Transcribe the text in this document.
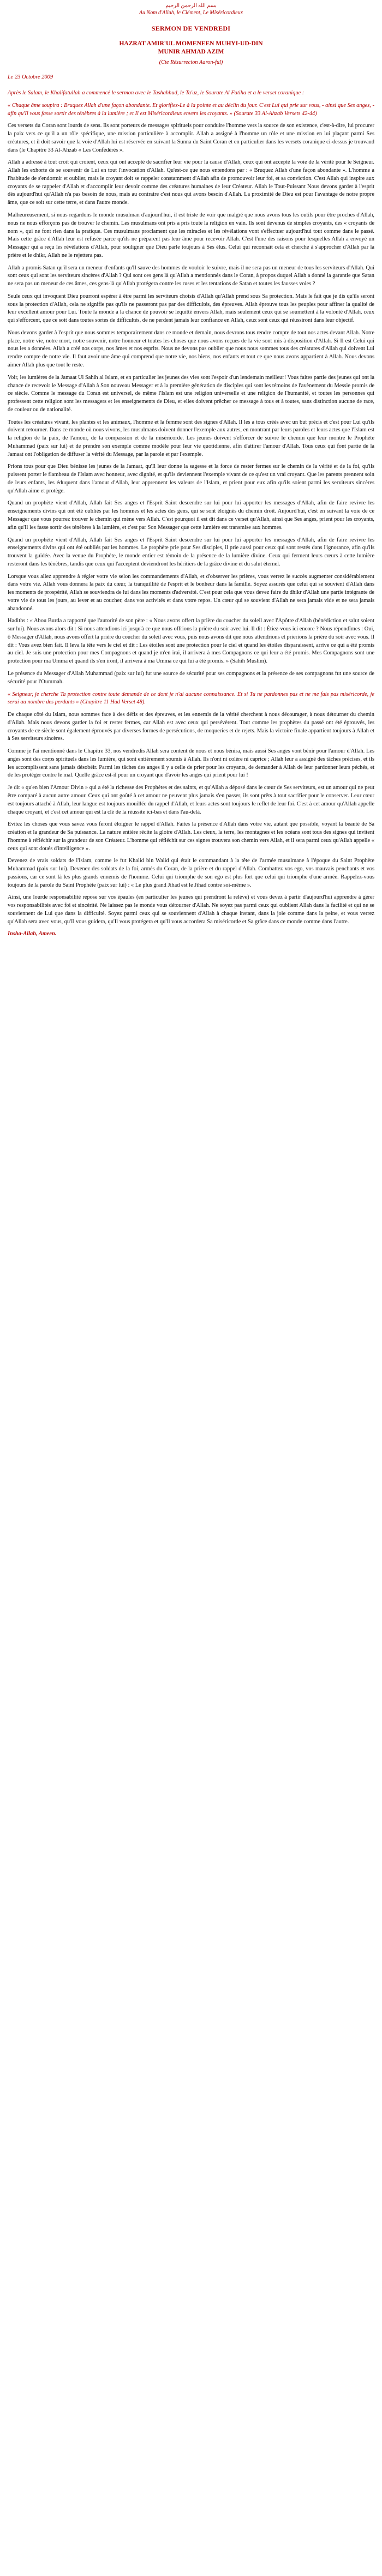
بسم الله الرحمن الرحيم

Au Nom d'Allah, le Clément, Le Miséricordieux

SERMON DE VENDREDI
HAZRAT AMIR'UL MOMENEEN MUHYI-UD-DIN
MUNIR AHMAD AZIM
(Cte Résurrecion Aaron-ful)
Le 23 Octobre 2009

Après le Salam, le Khalifatullah a commencé le sermon avec le Tashahhud, le Ta'uz, le Sourate Al Fatiha et a le verset coranique :

« Chaque âme soupira : Bruquez Allah d'une façon abondante. Et glorifiez-Le à la pointe et au déclin du jour. C'est Lui qui prie sur vous, ‑ ainsi que Ses anges, ‑ afin qu'Il vous fasse sortir des ténèbres à la lumière ; et Il est Miséricordieux envers les croyants. » (Sourate 33 Al‑Ahzab Versets 42‑44)

Ces versets du Coran sont lourds de sens. Ils sont porteurs de messages spirituels pour conduire l'homme vers la source de son existence, c'est‑à‑dire, lui procurer la paix vers ce qu'il a un rôle spécifique, une mission particulière à accomplir. Allah a assigné à l'homme un rôle et une mission en lui plaçant parmi Ses créatures, et il doit savoir que la voie d'Allah lui est réservée en suivant la Sunna du Saint Coran et en particulier dans les versets coranique ci‑dessus je trouvaud dans (le Chapitre 33 Al‑Ahzab « Les Confédérés ».

Allah a adressé à tout croit qui croient, ceux qui ont accepté de sacrifier leur vie pour la cause d'Allah, ceux qui ont accepté la voie de la vérité pour le Seigneur. Allah les exhorte de se souvenir de Lui en tout l'invocation d'Allah. Qu'est‑ce que nous entendons par : « Bruquez Allah d'une façon abondante ». L'homme a l'habitude de s'endormir et oublier, mais le croyant doit se rappeler constamment d'Allah afin de promouvoir leur foi, et sa conviction. C'est Allah qui inspire aux croyants de se rappeler d'Allah et d'accomplir leur devoir comme des créatures humaines de leur Créateur. Allah le Tout‑Puissant Nous devons garder à l'esprit dès aujourd'hui qu'Allah n'a pas besoin de nous, mais au contraire c'est nous qui avons besoin d'Allah. La proximité de Dieu est pour l'avantage de notre propre âme, que ce soit sur cette terre, et dans l'autre monde.

Malheureusement, si nous regardons le monde musulman d'aujourd'hui, il est triste de voir que malgré que nous avons tous les outils pour être proches d'Allah, nous ne nous efforçons pas de trouver le chemin. Les musulmans ont pris a pris toute la religion en vain. Ils sont devenus de simples croyants, des « croyants de nom », qui ne font rien dans la pratique. Ces musulmans proclament que les miracles et les révélations vont s'effectuer aujourd'hui tout comme dans le passé. Mais cette grâce d'Allah leur est refusée parce qu'ils ne préparent pas leur âme pour recevoir Allah. C'est l'une des raisons pour lesquelles Allah a envoyé un Messager qui a reçu les révélations d'Allah, pour souligner que Dieu parle toujours à Ses élus. Celui qui reconnaît cela et cherche à s'approcher d'Allah par la prière et le dhikr, Allah ne le rejettera pas.

Allah a promis Satan qu'il sera un meneur d'enfants qu'Il sauve des hommes de vouloir le suivre, mais il ne sera pas un meneur de tous les serviteurs d'Allah. Qui sont ceux qui sont les serviteurs sincères d'Allah ? Qui sont ces gens là qu'Allah a mentionnés dans le Coran, à propos duquel Allah a donné la garantie que Satan ne sera pas un meneur de ces âmes, ces gens-là qu'Allah protégera contre les ruses et les tentations de Satan et toutes les fausses voies ?

Seule ceux qui invoquent Dieu pourront espérer à être parmi les serviteurs choisis d'Allah qu'Allah prend sous Sa protection. Mais le fait que je dis qu'ils seront sous la protection d'Allah, cela ne signifie pas qu'ils ne passeront pas par des difficultés, des épreuves. Allah éprouve tous les peuples pour affiner la qualité de leur excellent amour pour Lui. Toute la monde a la chance de pouvoir se lequitté envers Allah, mais seulement ceux qui se soumettent à la volonté d'Allah, ceux qui s'efforcent, que ce soit dans toutes sortes de difficultés, de ne perdent jamais leur confiance en Allah, ceux sont ceux qui réussiront dans leur objectif.

Nous devons garder à l'esprit que nous sommes temporairement dans ce monde et demain, nous devrons tous rendre compte de tout nos actes devant Allah. Notre place, notre vie, notre mort, notre souvenir, notre honneur et toutes les choses que nous avons reçues de la vie sont mis à disposition d'Allah. Si Il est Celui qui nous les a données. Allah a créé nos corps, nos âmes et nos esprits. Nous ne devons pas oublier que nous nous sommes tous des créatures d'Allah qui doivent Lui rendre compte de notre vie. Il faut avoir une âme qui comprend que notre vie, nos biens, nos enfants et tout ce que nous avons appartient à Allah. Nous devons aimer Allah plus que tout le reste.

Voir, les lumières de la Jamaat Ul Sahih al Islam, et en particulier les jeunes des vies sont l'espoir d'un lendemain meilleur! Vous faites partie des jeunes qui ont la chance de recevoir le Message d'Allah à Son nouveau Messager et à la première génération de disciples qui sont les témoins de l'avènement du Messie promis de ce siècle. Comme le message du Coran est universel, de même l'Islam est une religion universelle et une religion de l'humanité, et toutes les personnes qui professent cette religion sont les messagers et les enseignements de Dieu, et elles doivent prêcher ce message à tous et à toutes, sans distinction aucune de race, de couleur ou de nationalité.

Toutes les créatures vivant, les plantes et les animaux, l'homme et la femme sont des signes d'Allah. Il les a tous créés avec un but précis et c'est pour Lui qu'ils doivent retourner. Dans ce monde où nous vivons, les musulmans doivent donner l'exemple aux autres, en montrant par leurs paroles et leurs actes que l'Islam est la religion de la paix, de l'amour, de la compassion et de la miséricorde. Les jeunes doivent s'efforcer de suivre le chemin que leur montre le Prophète Muhammad (paix sur lui) et de prendre son exemple comme modèle pour leur vie quotidienne, afin d'attirer l'amour d'Allah. Tous ceux qui font partie de la Jamaat ont l'obligation de diffuser la vérité du Message, par la parole et par l'exemple.

Prions tous pour que Dieu bénisse les jeunes de la Jamaat, qu'Il leur donne la sagesse et la force de rester fermes sur le chemin de la vérité et de la foi, qu'ils puissent porter le flambeau de l'Islam avec honneur, avec dignité, et qu'ils deviennent l'exemple vivant de ce qu'est un vrai croyant. Que les parents prennent soin de leurs enfants, les éduquent dans l'amour d'Allah, leur apprennent les valeurs de l'Islam, et prient pour eux afin qu'ils soient parmi les serviteurs sincères qu'Allah aime et protège.

Quand un prophète vient d'Allah, Allah fait Ses anges et l'Esprit Saint descendre sur lui pour lui apporter les messages d'Allah, afin de faire revivre les enseignements divins qui ont été oubliés par les hommes et les actes des gens, qui se sont éloignés du chemin droit. Aujourd'hui, c'est en suivant la voie de ce Messager que vous pourrez trouver le chemin qui mène vers Allah. C'est pourquoi il est dit dans ce verset qu'Allah, ainsi que Ses anges, prient pour les croyants, afin qu'Il les fasse sortir des ténèbres à la lumière, et c'est par Son Messager que cette lumière est transmise aux hommes.

Quand un prophète vient d'Allah, Allah fait Ses anges et l'Esprit Saint descendre sur lui pour lui apporter les messages d'Allah, afin de faire revivre les enseignements divins qui ont été oubliés par les hommes. Le prophète prie pour Ses disciples, il prie aussi pour ceux qui sont restés dans l'ignorance, afin qu'ils trouvent la guidée. Avec la venue du Prophète, le monde entier est témoin de la présence de la lumière divine. Ceux qui ferment leurs cœurs à cette lumière resteront dans les ténèbres, tandis que ceux qui l'acceptent deviendront les héritiers de la grâce divine et du salut éternel.

Lorsque vous allez apprendre à régler votre vie selon les commandements d'Allah, et d'observer les prières, vous verrez le succès augmenter considérablement dans votre vie. Allah vous donnera la paix du cœur, la tranquillité de l'esprit et le bonheur dans la famille. Soyez assurés que celui qui se souvient d'Allah dans les moments de prospérité, Allah se souviendra de lui dans les moments d'adversité. C'est pour cela que vous devez faire du dhikr d'Allah une partie intégrante de votre vie de tous les jours, au lever et au coucher, dans vos activités et dans votre repos. Un cœur qui se souvient d'Allah ne sera jamais vide et ne sera jamais abandonné.

Hadiths : « Abou Burda a rapporté que l'autorité de son père : « Nous avons offert la prière du coucher du soleil avec l'Apôtre d'Allah (bénédiction et salut soient sur lui). Nous avons alors dit : Si nous attendions ici jusqu'à ce que nous offrions la prière du soir avec lui. Il dit : Étiez‑vous ici encore ? Nous répondîmes : Oui, ô Messager d'Allah, nous avons offert la prière du coucher du soleil avec vous, puis nous avons dit que nous attendrions et prierions la prière du soir avec vous. Il dit : Vous avez bien fait. Il leva la tête vers le ciel et dit : Les étoiles sont une protection pour le ciel et quand les étoiles disparaissent, arrive ce qui a été promis au ciel. Je suis une protection pour mes Compagnons et quand je m'en irai, il arrivera à mes Compagnons ce qui leur a été promis. Mes Compagnons sont une protection pour ma Umma et quand ils s'en iront, il arrivera à ma Umma ce qui lui a été promis. » (Sahih Muslim).

Le présence du Messager d'Allah Muhammad (paix sur lui) fut une source de sécurité pour ses compagnons et la présence de ses compagnons fut une source de sécurité pour l'Oummah.

« Seigneur, je cherche Ta protection contre toute demande de ce dont je n'ai aucune connaissance. Et si Tu ne pardonnes pas et ne me fais pas miséricorde, je serai au nombre des perdants » (Chapitre 11 Hud Verset 48).

De chaque côté du Islam, nous sommes face à des défis et des épreuves, et les ennemis de la vérité cherchent à nous décourager, à nous détourner du chemin d'Allah. Mais nous devons garder la foi et rester fermes, car Allah est avec ceux qui persévèrent. Tout comme les prophètes du passé ont été éprouvés, les croyants de ce siècle sont également éprouvés par diverses formes de persécutions, de moqueries et de rejets. Mais la victoire finale appartient toujours à Allah et à Ses serviteurs sincères.

Comme je l'ai mentionné dans le Chapitre 33, nos vendredis Allah sera content de nous et nous bénira, mais aussi Ses anges vont bénir pour l'amour d'Allah. Les anges sont des corps spirituels dans les lumière, qui sont entièrement soumis à Allah. Ils n'ont ni colère ni caprice ; Allah leur a assigné des tâches précises, et ils les accomplissent sans jamais désobéir. Parmi les tâches des anges il y a celle de prier pour les croyants, de demander à Allah de leur pardonner leurs péchés, et de les protéger contre le mal. Quelle grâce est‑il pour un croyant que d'avoir les anges qui prient pour lui !

Je dit « qu'en bien l'Amour Divin » qui a été la richesse des Prophètes et des saints, et qu'Allah a déposé dans le cœur de Ses serviteurs, est un amour qui ne peut être comparé à aucun autre amour. Ceux qui ont goûté à cet amour ne peuvent plus jamais s'en passer, ils sont prêts à tout sacrifier pour le conserver. Leur cœur est toujours attaché à Allah, leur langue est toujours mouillée du rappel d'Allah, et leurs actes sont toujours le reflet de leur foi. C'est à cet amour qu'Allah appelle chaque croyant, et c'est cet amour qui est la clé de la réussite ici‑bas et dans l'au‑delà.

Evitez les choses que vous savez vous feront éloigner le rappel d'Allah. Faites la présence d'Allah dans votre vie, autant que possible, voyant la beauté de Sa création et la grandeur de Sa puissance. La nature entière récite la gloire d'Allah. Les cieux, la terre, les montagnes et les océans sont tous des signes qui invitent l'homme à réfléchir sur la grandeur de son Créateur. L'homme qui réfléchit sur ces signes trouvera son chemin vers Allah, et il sera parmi ceux qu'Allah appelle « ceux qui sont doués d'intelligence ».

Devenez de vrais soldats de l'Islam, comme le fut Khalid bin Walid qui était le commandant à la tête de l'armée musulmane à l'époque du Saint Prophète Muhammad (paix sur lui). Devenez des soldats de la foi, armés du Coran, de la prière et du rappel d'Allah. Combattez vos ego, vos mauvais penchants et vos passions, car ce sont là les plus grands ennemis de l'homme. Celui qui triomphe de son ego est plus fort que celui qui triomphe d'une armée. Rappelez‑vous toujours de la parole du Saint Prophète (paix sur lui) : « Le plus grand Jihad est le Jihad contre soi‑même ».

Ainsi, une lourde responsabilité repose sur vos épaules (en particulier les jeunes qui prendront la relève) et vous devez à partir d'aujourd'hui apprendre à gérer vos responsabilités avec foi et sincérité. Ne laissez pas le monde vous détourner d'Allah. Ne soyez pas parmi ceux qui oublient Allah dans la facilité et qui ne se souviennent de Lui que dans la difficulté. Soyez parmi ceux qui se souviennent d'Allah à chaque instant, dans la joie comme dans la peine, et vous verrez qu'Allah sera avec vous, qu'Il vous guidera, qu'Il vous protégera et qu'Il vous accordera Sa miséricorde et Sa grâce dans ce monde comme dans l'autre.

Insha‑Allah, Ameen.
